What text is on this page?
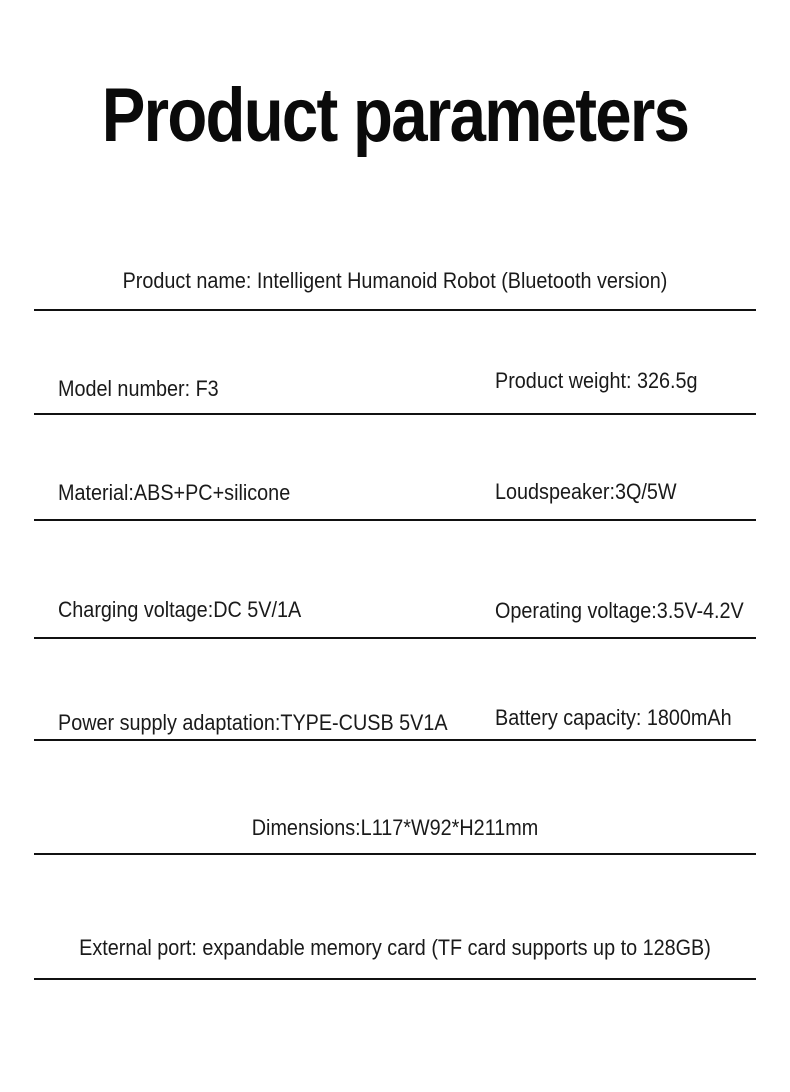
Product parameters
Product name: Intelligent Humanoid Robot (Bluetooth version)
Model number: F3	Product weight: 326.5g
Material:ABS+PC+silicone	Loudspeaker:3Q/5W
Charging voltage:DC 5V/1A	Operating voltage:3.5V-4.2V
Power supply adaptation:TYPE-CUSB 5V1A Battery capacity: 1800mAh
Dimensions:L117*W92*H211mm
External port: expandable memory card (TF card supports up to 128GB)
